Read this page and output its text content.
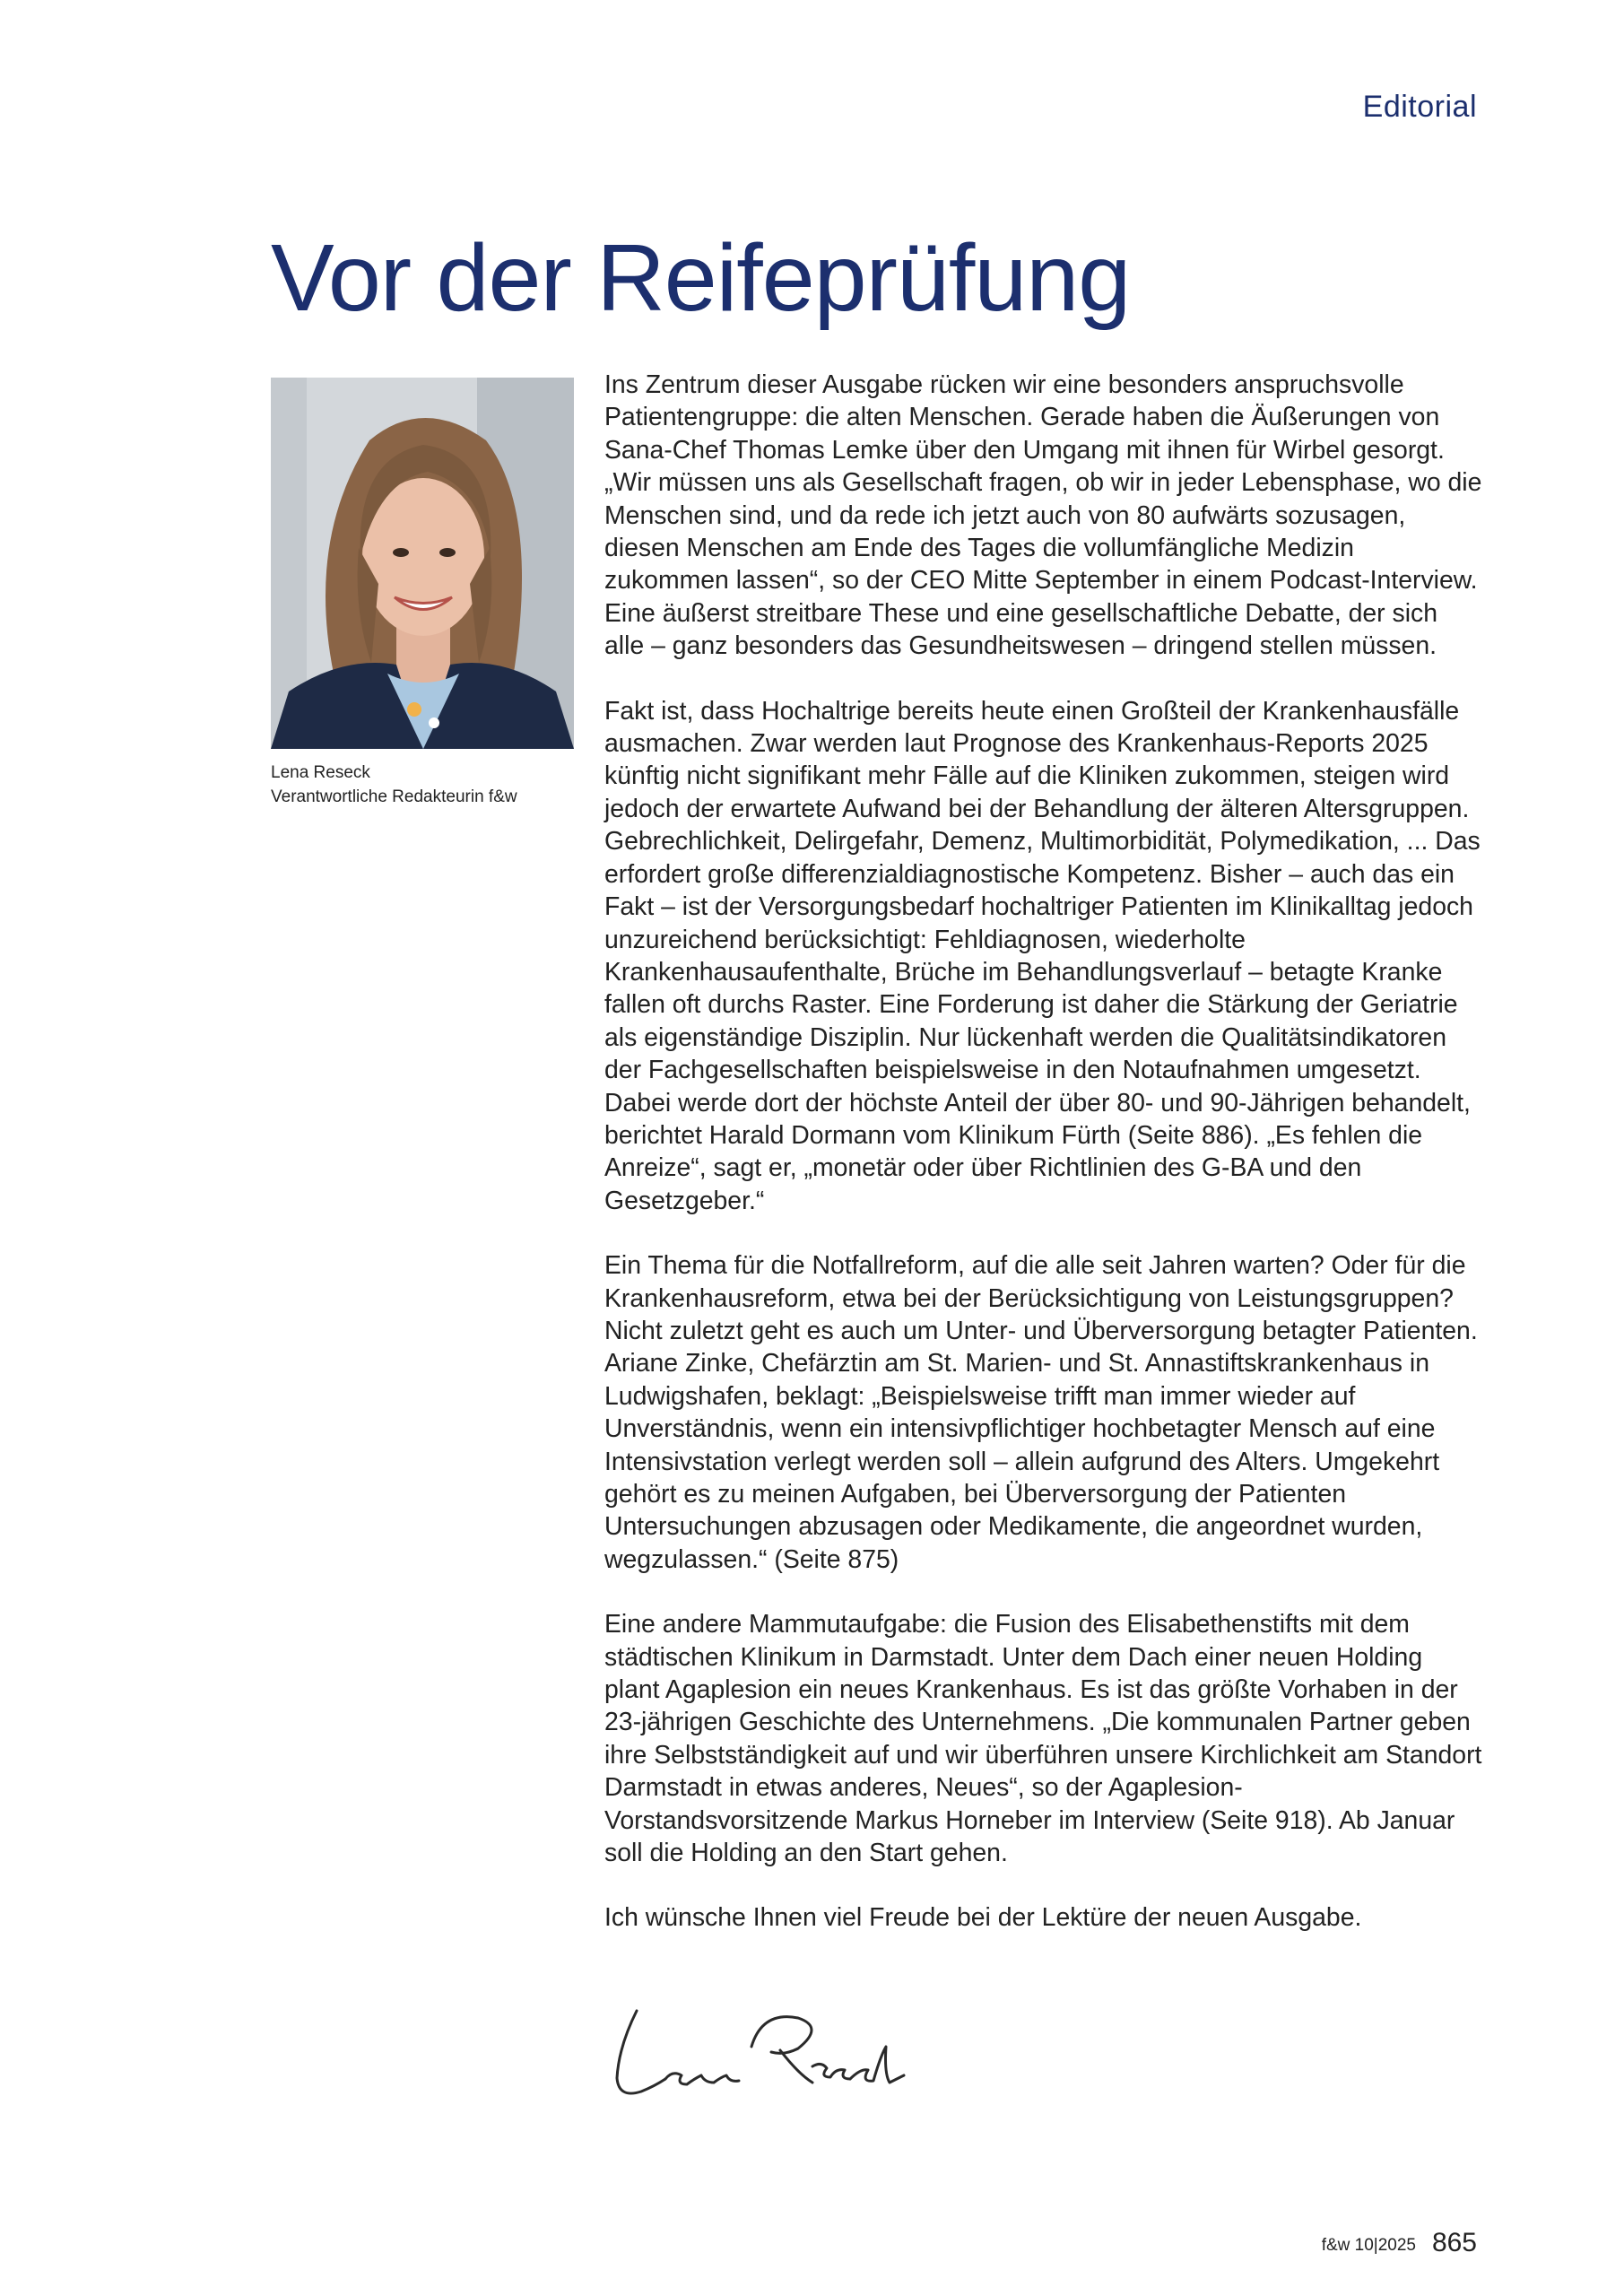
Editorial
Vor der Reifeprüfung
Lena Reseck
Verantwortliche Redakteurin f&w

Ins Zentrum dieser Ausgabe rücken wir eine besonders anspruchsvolle Patientengruppe: die alten Menschen. Gerade haben die Äußerungen von Sana-Chef Thomas Lemke über den Umgang mit ihnen für Wirbel gesorgt. „Wir müssen uns als Gesellschaft fragen, ob wir in jeder Lebensphase, wo die Menschen sind, und da rede ich jetzt auch von 80 aufwärts sozusagen, diesen Menschen am Ende des Tages die vollumfängliche Medizin zukommen lassen“, so der CEO Mitte September in einem Podcast-Interview. Eine äußerst streitbare These und eine gesellschaftliche Debatte, der sich alle – ganz besonders das Gesundheitswesen – dringend stellen müssen.

Fakt ist, dass Hochaltrige bereits heute einen Großteil der Krankenhausfälle ausmachen. Zwar werden laut Prognose des Krankenhaus-Reports 2025 künftig nicht signifikant mehr Fälle auf die Kliniken zukommen, steigen wird jedoch der erwartete Aufwand bei der Behandlung der älteren Altersgruppen. Gebrechlichkeit, Delirgefahr, Demenz, Multimorbidität, Polymedikation, ... Das erfordert große differenzialdiagnostische Kompetenz. Bisher – auch das ein Fakt – ist der Versorgungsbedarf hochaltriger Patienten im Klinikalltag jedoch unzureichend berücksichtigt: Fehldiagnosen, wiederholte Krankenhausaufenthalte, Brüche im Behandlungsverlauf – betagte Kranke fallen oft durchs Raster. Eine Forderung ist daher die Stärkung der Geriatrie als eigenständige Disziplin. Nur lückenhaft werden die Qualitätsindikatoren der Fachgesellschaften beispielsweise in den Notaufnahmen umgesetzt. Dabei werde dort der höchste Anteil der über 80- und 90-Jährigen behandelt, berichtet Harald Dormann vom Klinikum Fürth (Seite 886). „Es fehlen die Anreize“, sagt er, „monetär oder über Richtlinien des G-BA und den Gesetzgeber.“

Ein Thema für die Notfallreform, auf die alle seit Jahren warten? Oder für die Krankenhausreform, etwa bei der Berücksichtigung von Leistungsgruppen? Nicht zuletzt geht es auch um Unter- und Überversorgung betagter Patienten. Ariane Zinke, Chefärztin am St. Marien- und St. Annastiftskrankenhaus in Ludwigshafen, beklagt: „Beispielsweise trifft man immer wieder auf Unverständnis, wenn ein intensivpflichtiger hochbetagter Mensch auf eine Intensivstation verlegt werden soll – allein aufgrund des Alters. Umgekehrt gehört es zu meinen Aufgaben, bei Überversorgung der Patienten Untersuchungen abzusagen oder Medikamente, die angeordnet wurden, wegzulassen.“ (Seite 875)

Eine andere Mammutaufgabe: die Fusion des Elisabethenstifts mit dem städtischen Klinikum in Darmstadt. Unter dem Dach einer neuen Holding plant Agaplesion ein neues Krankenhaus. Es ist das größte Vorhaben in der 23-jährigen Geschichte des Unternehmens. „Die kommunalen Partner geben ihre Selbstständigkeit auf und wir überführen unsere Kirchlichkeit am Standort Darmstadt in etwas anderes, Neues“, so der Agaplesion-Vorstandsvorsitzende Markus Horneber im Interview (Seite 918). Ab Januar soll die Holding an den Start gehen.

Ich wünsche Ihnen viel Freude bei der Lektüre der neuen Ausgabe.

f&w 10|2025 865
